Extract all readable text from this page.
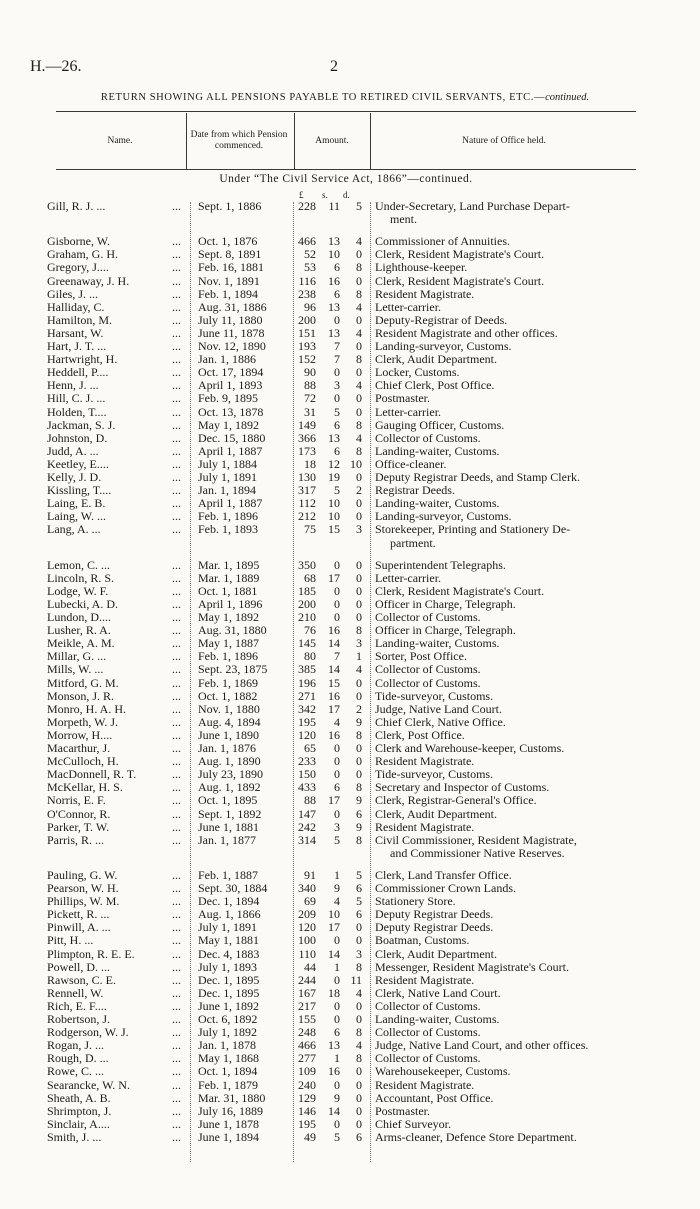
H.—26.	2
RETURN SHOWING ALL PENSIONS PAYABLE TO RETIRED CIVIL SERVANTS, ETC.—continued.
Name.
Date from which Pension commenced.
Amount.	Nature of Office held.
Under “The Civil Service Act, 1866”—continued.
£ s. d.
Gill, R. J. ...	... Sept. 1, 1886	228 11 5 Under-Secretary, Land Purchase Depart-
ment.
Gisborne, W.	... Oct. 1, 1876	466 13 4 Commissioner of Annuities.
Graham, G. H.	... Sept. 8, 1891	52 10 0 Clerk, Resident Magistrate's Court.
Gregory, J....	... Feb. 16, 1881	53 6 8 Lighthouse-keeper.
Greenaway, J. H.	... Nov. 1, 1891	116 16 0 Clerk, Resident Magistrate's Court.
Giles, J. ...	... Feb. 1, 1894	238 6 8 Resident Magistrate.
Halliday, C.	... Aug. 31, 1886	96 13 4 Letter-carrier.
Hamilton, M.	... July 11, 1880	200 0 0 Deputy-Registrar of Deeds.
Harsant, W.	... June 11, 1878	151 13 4 Resident Magistrate and other offices.
Hart, J. T. ...	... Nov. 12, 1890	193 7 0 Landing-surveyor, Customs.
Hartwright, H.	... Jan. 1, 1886	152 7 8 Clerk, Audit Department.
Heddell, P....	... Oct. 17, 1894	90 0 0 Locker, Customs.
Henn, J. ...	... April 1, 1893	88 3 4 Chief Clerk, Post Office.
Hill, C. J. ...	... Feb. 9, 1895	72 0 0 Postmaster.
Holden, T....	... Oct. 13, 1878	31 5 0 Letter-carrier.
Jackman, S. J.	... May 1, 1892	149 6 8 Gauging Officer, Customs.
Johnston, D.	... Dec. 15, 1880	366 13 4 Collector of Customs.
Judd, A. ...	... April 1, 1887	173 6 8 Landing-waiter, Customs.
Keetley, E....	... July 1, 1884	18 12 10 Office-cleaner.
Kelly, J. D.	... July 1, 1891	130 19 0 Deputy Registrar Deeds, and Stamp Clerk.
Kissling, T....	... Jan. 1, 1894	317 5 2 Registrar Deeds.
Laing, E. B.	... April 1, 1887	112 10 0 Landing-waiter, Customs.
Laing, W. ...	... Feb. 1, 1896	212 10 0 Landing-surveyor, Customs.
Lang, A. ...	... Feb. 1, 1893	75 15 3 Storekeeper, Printing and Stationery De-
partment.
Lemon, C. ...	... Mar. 1, 1895	350 0 0 Superintendent Telegraphs.
Lincoln, R. S.	... Mar. 1, 1889	68 17 0 Letter-carrier.
Lodge, W. F.	... Oct. 1, 1881	185 0 0 Clerk, Resident Magistrate's Court.
Lubecki, A. D.	... April 1, 1896	200 0 0 Officer in Charge, Telegraph.
Lundon, D....	... May 1, 1892	210 0 0 Collector of Customs.
Lusher, R. A.	... Aug. 31, 1880	76 16 8 Officer in Charge, Telegraph.
Meikle, A. M.	... May 1, 1887	145 14 3 Landing-waiter, Customs.
Millar, G. ...	... Feb. 1, 1896	80 7 1 Sorter, Post Office.
Mills, W. ...	... Sept. 23, 1875	385 14 4 Collector of Customs.
Mitford, G. M.	... Feb. 1, 1869	196 15 0 Collector of Customs.
Monson, J. R.	... Oct. 1, 1882	271 16 0 Tide-surveyor, Customs.
Monro, H. A. H.	... Nov. 1, 1880	342 17 2 Judge, Native Land Court.
Morpeth, W. J.	... Aug. 4, 1894	195 4 9 Chief Clerk, Native Office.
Morrow, H....	... June 1, 1890	120 16 8 Clerk, Post Office.
Macarthur, J.	... Jan. 1, 1876	65 0 0 Clerk and Warehouse-keeper, Customs.
McCulloch, H.	... Aug. 1, 1890	233 0 0 Resident Magistrate.
MacDonnell, R. T.	... July 23, 1890	150 0 0 Tide-surveyor, Customs.
McKellar, H. S.	... Aug. 1, 1892	433 6 8 Secretary and Inspector of Customs.
Norris, E. F.	... Oct. 1, 1895	88 17 9 Clerk, Registrar-General's Office.
O'Connor, R.	... Sept. 1, 1892	147 0 6 Clerk, Audit Department.
Parker, T. W.	... June 1, 1881	242 3 9 Resident Magistrate.
Parris, R. ...	... Jan. 1, 1877	314 5 8 Civil Commissioner, Resident Magistrate,
and Commissioner Native Reserves.
Pauling, G. W.	... Feb. 1, 1887	91 1 5 Clerk, Land Transfer Office.
Pearson, W. H.	... Sept. 30, 1884	340 9 6 Commissioner Crown Lands.
Phillips, W. M.	... Dec. 1, 1894	69 4 5 Stationery Store.
Pickett, R. ...	... Aug. 1, 1866	209 10 6 Deputy Registrar Deeds.
Pinwill, A. ...	... July 1, 1891	120 17 0 Deputy Registrar Deeds.
Pitt, H. ...	... May 1, 1881	100 0 0 Boatman, Customs.
Plimpton, R. E. E.	... Dec. 4, 1883	110 14 3 Clerk, Audit Department.
Powell, D. ...	... July 1, 1893	44 1 8 Messenger, Resident Magistrate's Court.
Rawson, C. E.	... Dec. 1, 1895	244 0 11 Resident Magistrate.
Rennell, W.	... Dec. 1, 1895	167 18 4 Clerk, Native Land Court.
Rich, E. F....	... June 1, 1892	217 0 0 Collector of Customs.
Robertson, J.	... Oct. 6, 1892	155 0 0 Landing-waiter, Customs.
Rodgerson, W. J.	... July 1, 1892	248 6 8 Collector of Customs.
Rogan, J. ...	... Jan. 1, 1878	466 13 4 Judge, Native Land Court, and other offices.
Rough, D. ...	... May 1, 1868	277 1 8 Collector of Customs.
Rowe, C. ...	... Oct. 1, 1894	109 16 0 Warehousekeeper, Customs.
Searancke, W. N.	... Feb. 1, 1879	240 0 0 Resident Magistrate.
Sheath, A. B.	... Mar. 31, 1880	129 9 0 Accountant, Post Office.
Shrimpton, J.	... July 16, 1889	146 14 0 Postmaster.
Sinclair, A....	... June 1, 1878	195 0 0 Chief Surveyor.
Smith, J. ...	... June 1, 1894	49 5 6 Arms-cleaner, Defence Store Department.
